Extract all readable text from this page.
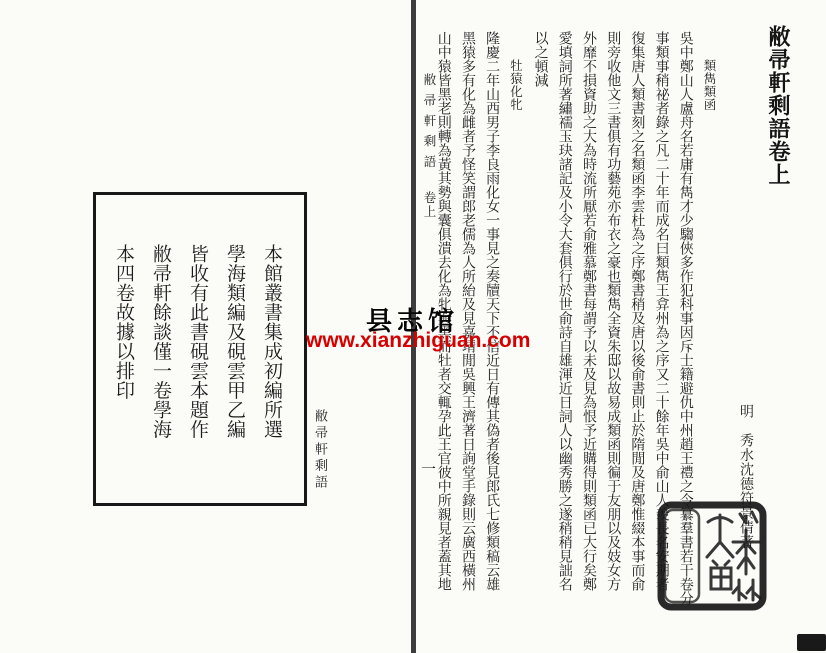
本館叢書集成初編所選
學海類編及硯雲甲乙編
皆收有此書硯雲本題作
敝帚軒餘談僅一卷學海
本四卷故據以排印
敝帚軒剩語
敝帚軒剩語卷上
明　秀水沈德符景倩著
類雋類函
吳中鄭山人盧舟名若庸有雋才少騶俠多作犯科事因斥士籍避仇中州趙王禮之令纂羣書若干卷分
事類事稍祕者錄之凡二十年而成名曰類雋王弇州為之序又二十餘年吳中俞山人羨長名安期者
復集唐人類書刻之名類函李雲杜為之序鄭書稍及唐以後俞書則止於隋閒及唐鄭惟綴本事而俞
則旁收他文三書俱有功藝苑亦布衣之豪也類雋全資朱邸以故易成類函則徧于友朋以及妓女方
外靡不損資助之大為時流所厭若俞雅慕鄭書每謂予以未及見為恨予近購得則類函已大行矣鄭
愛填詞所著繡襦玉玦諸記及小令大套俱行於世俞詩自雄渾近日詞人以幽秀勝之遂稍稍見詘名
以之頓減
牡猿化牝
隆慶二年山西男子李良雨化女一事見之奏牘天下不信近日有傳其偽者後見郎氏七修類稿云雄
黑猿多有化為雌者予怪笑謂郎老儒為人所紿及見嘉靖閒吳興王濟著日詢堂手錄則云廣西橫州
山中猿皆黑老則轉為黃其勢與囊俱潰去化為牝與黑而牡者交輒孕此王官彼中所親見者蓋其地
敝帚軒剩語
卷上
一
县志馆
www.xianzhiguan.com
